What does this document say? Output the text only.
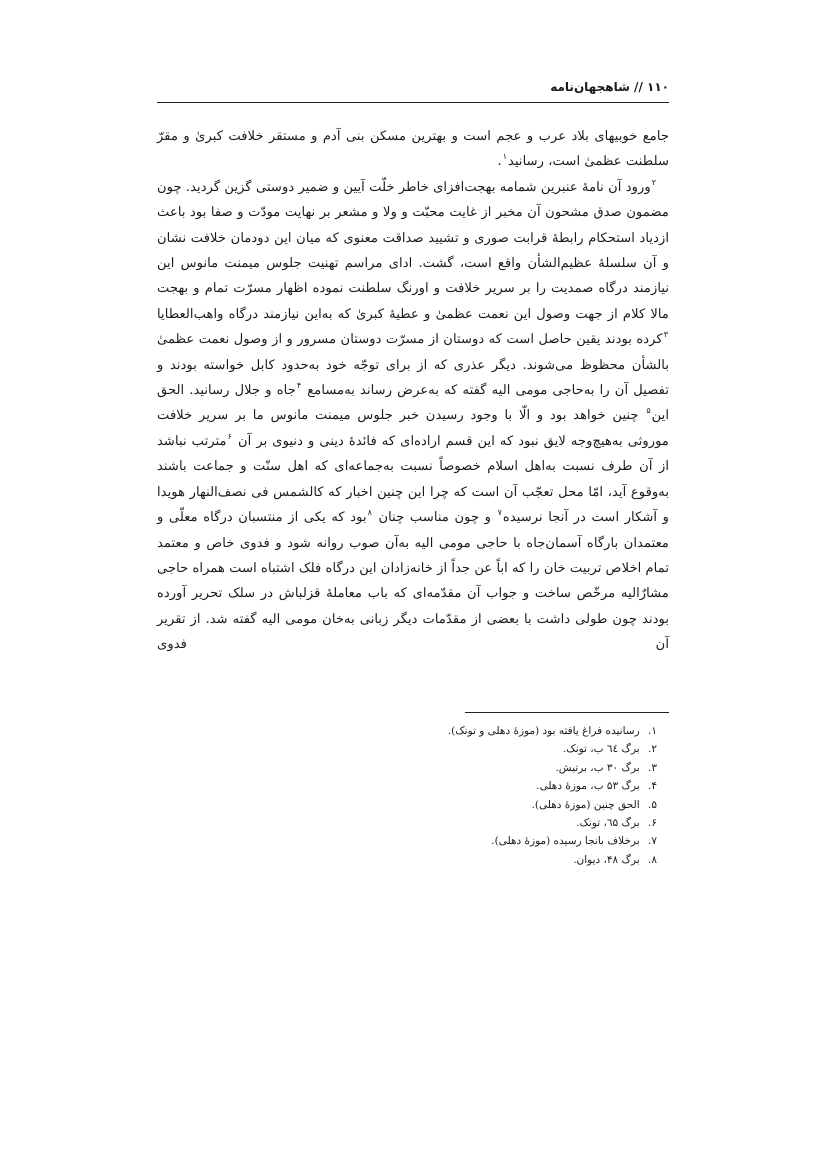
۱۱۰ // شاهجهان‌نامه

جامع خوبیهای بلاد عرب و عجم است و بهترین مسکن بنی آدم و مستقر خلافت کبریٰ و مقرّ سلطنت عظمیٰ است، رسانید$^۱$.

$^۲$ورود آن نامهٔ عنبرین شمامه بهجت‌افزای خاطر خلّت آیین و ضمیر دوستی گزین گردید. چون مضمون صدق مشحون آن مخبر از غایت محبّت و ولا و مشعر بر نهایت مودّت و صفا بود باعث ازدیاد استحکام رابطهٔ قرابت صوری و تشیید صداقت معنوی که میان این دودمان خلافت نشان و آن سلسلهٔ عظیم‌الشأن واقع است، گشت. ادای مراسم تهنیت جلوس میمنت مانوس این نیازمند درگاه صمدیت را بر سریر خلافت و اورنگ سلطنت نموده اظهار مسرّت تمام و بهجت مالا کلام از جهت وصول این نعمت عظمیٰ و عطیهٔ کبریٰ که به‌این نیازمند درگاه واهب‌العطایا $^۳$کرده بودند یقین حاصل است که دوستان از مسرّت دوستان مسرور و از وصول نعمت عظمیٰ بالشأن محظوظ می‌شوند. دیگر عذری که از برای توجّه خود به‌حدود کابل خواسته بودند و تفصیل آن را به‌حاجی مومی الیه گفته که به‌عرض رساند به‌مسامع $^۴$جاه و جلال رسانید. الحق این$^۵$ چنین خواهد بود و الّا با وجود رسیدن خبر جلوس میمنت مانوس ما بر سریر خلافت موروثی به‌هیچ‌وجه لایق نبود که این قسم اراده‌ای که فائدهٔ دینی و دنیوی بر آن $^۶$مترتب نباشد از آن طرف نسبت به‌اهل اسلام خصوصاً نسبت به‌جماعه‌ای که اهل سنّت و جماعت باشند به‌وقوع آید، امّا محل تعجّب آن است که چرا این چنین اخبار که کالشمس فی نصف‌النهار هویدا و آشکار است در آنجا نرسیده$^۷$ و چون مناسب چنان $^۸$بود که یکی از منتسبان درگاه معلّی و معتمدان بارگاه آسمان‌جاه با حاجی مومی الیه به‌آن صوب روانه شود و فدوی خاص و معتمد تمام اخلاص تربیت خان را که اباً عن جداً از خانه‌زادان این درگاه فلک اشتباه است همراه حاجی مشارٌالیه مرخّص ساخت و جواب آن مقدّمه‌ای که باب معاملهٔ قزلباش در سلک تحریر آورده بودند چون طولی داشت با بعضی از مقدّمات دیگر زبانی به‌خان مومی الیه گفته شد. از تقریر آن فدوی

۱. رسانیده فراغ یافته بود (موزهٔ دهلی و تونک).
۲. برگ ٦٤ ب، تونک.
۳. برگ ۳۰ ب، برتیش.
۴. برگ ۵۳ ب، موزهٔ دهلی.
۵. الحق چنین (موزهٔ دهلی).
۶. برگ ٦۵، تونک.
۷. برخلاف بانجا رسیده (موزهٔ دهلی).
۸. برگ ۴۸، دیوان.
